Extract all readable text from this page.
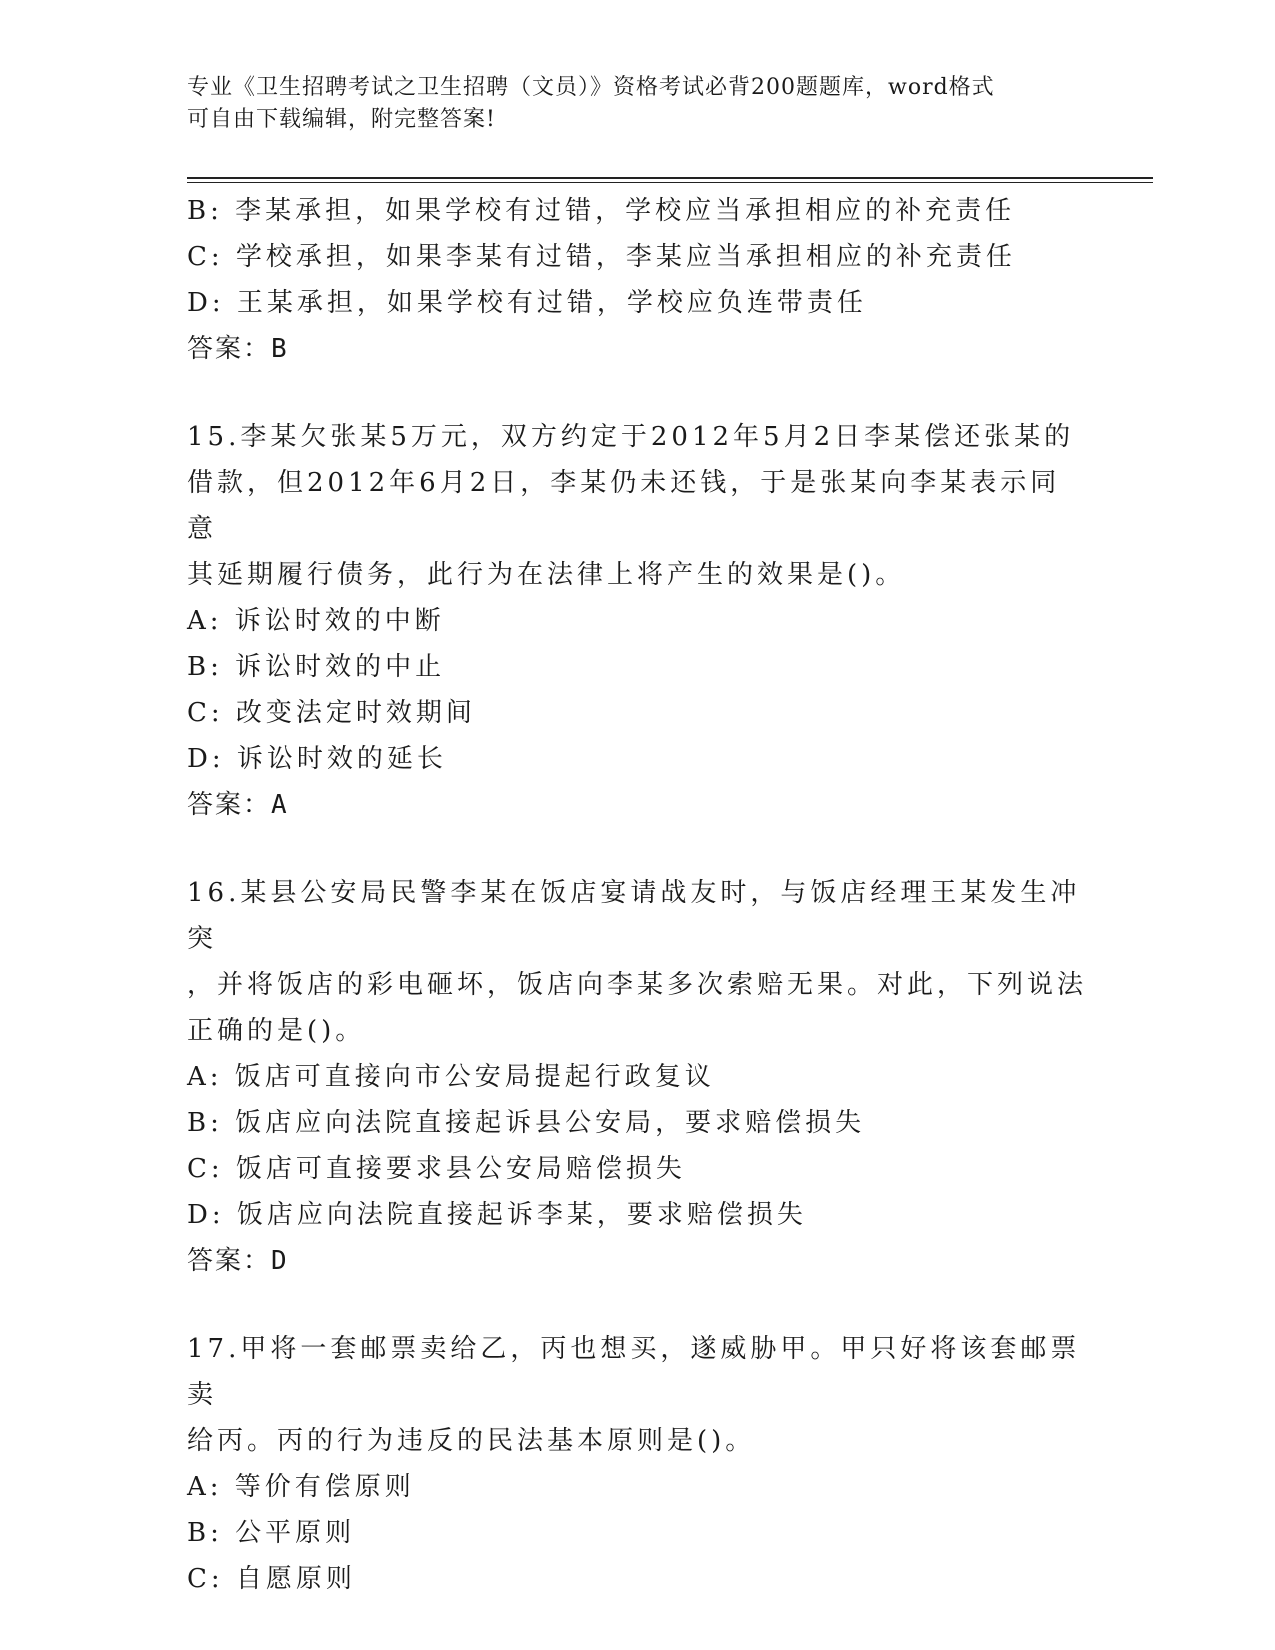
专业《卫生招聘考试之卫生招聘（文员）》资格考试必背200题题库，word格式
可自由下载编辑，附完整答案!
B: 李某承担，如果学校有过错，学校应当承担相应的补充责任
C: 学校承担，如果李某有过错，李某应当承担相应的补充责任
D: 王某承担，如果学校有过错，学校应负连带责任
答案：B
15.李某欠张某5万元，双方约定于2012年5月2日李某偿还张某的
借款，但2012年6月2日，李某仍未还钱，于是张某向李某表示同意
其延期履行债务，此行为在法律上将产生的效果是()。
A: 诉讼时效的中断
B: 诉讼时效的中止
C: 改变法定时效期间
D: 诉讼时效的延长
答案：A
16.某县公安局民警李某在饭店宴请战友时，与饭店经理王某发生冲突
，并将饭店的彩电砸坏，饭店向李某多次索赔无果。对此，下列说法
正确的是()。
A: 饭店可直接向市公安局提起行政复议
B: 饭店应向法院直接起诉县公安局，要求赔偿损失
C: 饭店可直接要求县公安局赔偿损失
D: 饭店应向法院直接起诉李某，要求赔偿损失
答案：D
17.甲将一套邮票卖给乙，丙也想买，遂威胁甲。甲只好将该套邮票卖
给丙。丙的行为违反的民法基本原则是()。
A: 等价有偿原则
B: 公平原则
C: 自愿原则
